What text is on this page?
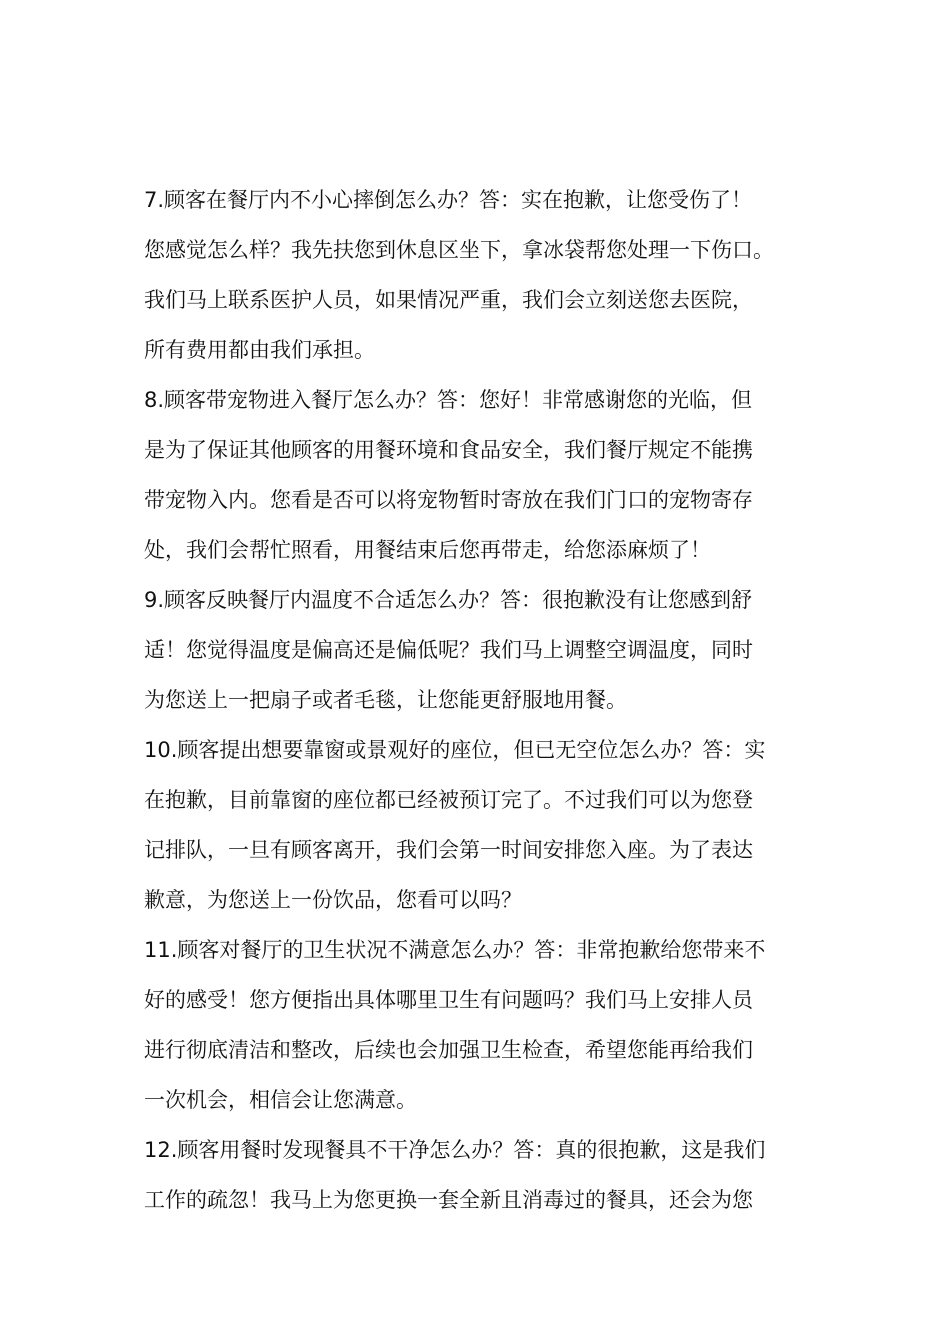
7.顾客在餐厅内不小心摔倒怎么办？答：实在抱歉，让您受伤了！
您感觉怎么样？我先扶您到休息区坐下，拿冰袋帮您处理一下伤口。
我们马上联系医护人员，如果情况严重，我们会立刻送您去医院，
所有费用都由我们承担。
8.顾客带宠物进入餐厅怎么办？答：您好！非常感谢您的光临，但
是为了保证其他顾客的用餐环境和食品安全，我们餐厅规定不能携
带宠物入内。您看是否可以将宠物暂时寄放在我们门口的宠物寄存
处，我们会帮忙照看，用餐结束后您再带走，给您添麻烦了！
9.顾客反映餐厅内温度不合适怎么办？答：很抱歉没有让您感到舒
适！您觉得温度是偏高还是偏低呢？我们马上调整空调温度，同时
为您送上一把扇子或者毛毯，让您能更舒服地用餐。
10.顾客提出想要靠窗或景观好的座位，但已无空位怎么办？答：实
在抱歉，目前靠窗的座位都已经被预订完了。不过我们可以为您登
记排队，一旦有顾客离开，我们会第一时间安排您入座。为了表达
歉意，为您送上一份饮品，您看可以吗？
11.顾客对餐厅的卫生状况不满意怎么办？答：非常抱歉给您带来不
好的感受！您方便指出具体哪里卫生有问题吗？我们马上安排人员
进行彻底清洁和整改，后续也会加强卫生检查，希望您能再给我们
一次机会，相信会让您满意。
12.顾客用餐时发现餐具不干净怎么办？答：真的很抱歉，这是我们
工作的疏忽！我马上为您更换一套全新且消毒过的餐具，还会为您
